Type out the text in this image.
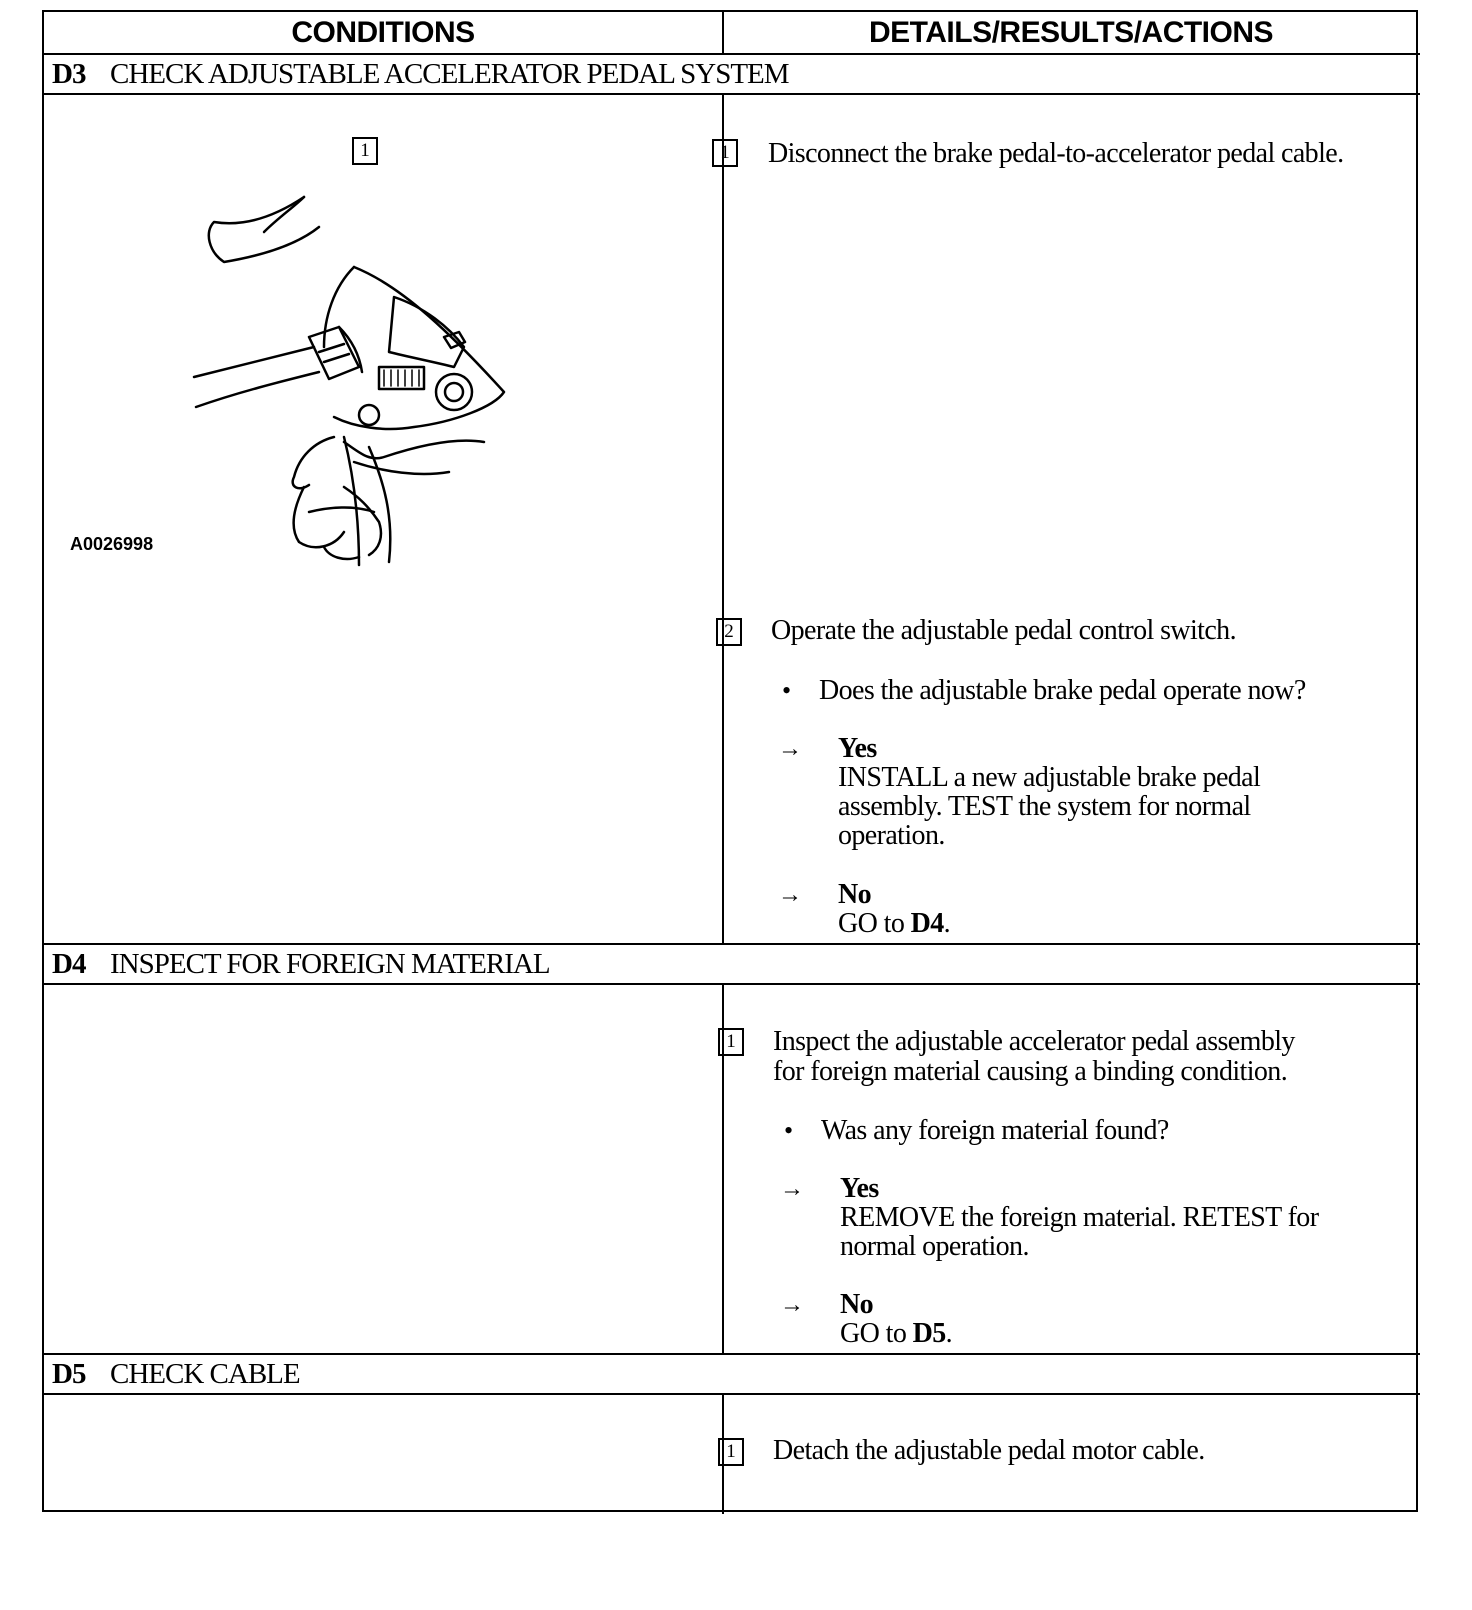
CONDITIONS	DETAILS/RESULTS/ACTIONS
D3 CHECK ADJUSTABLE ACCELERATOR PEDAL SYSTEM
1
A0026998
1 Disconnect the brake pedal-to-accelerator pedal cable.
2 Operate the adjustable pedal control switch.
• Does the adjustable brake pedal operate now?
→ Yes
INSTALL a new adjustable brake pedal
assembly. TEST the system for normal
operation.
→ No
GO to D4.
D4 INSPECT FOR FOREIGN MATERIAL
1 Inspect the adjustable accelerator pedal assembly
for foreign material causing a binding condition.
• Was any foreign material found?
→ Yes
REMOVE the foreign material. RETEST for
normal operation.
→ No
GO to D5.
D5 CHECK CABLE
1 Detach the adjustable pedal motor cable.
